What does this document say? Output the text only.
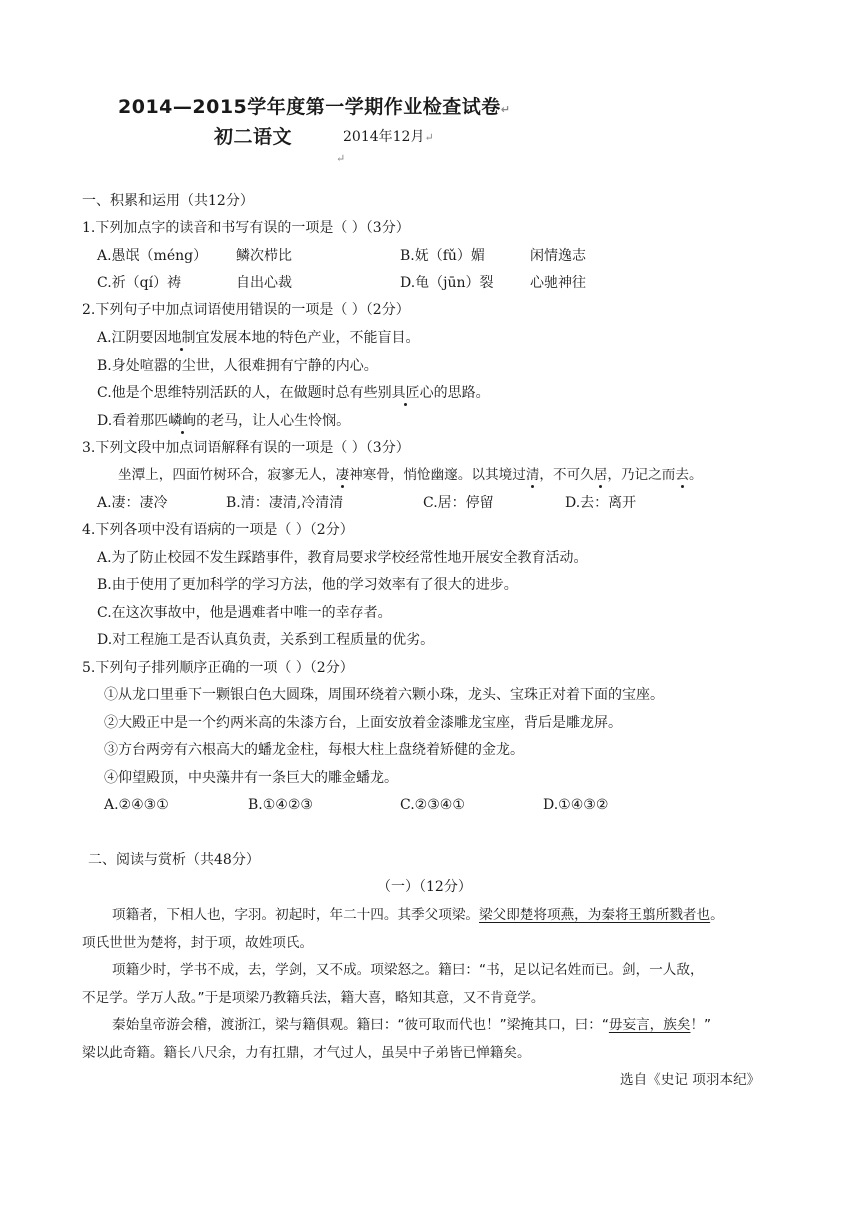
2014—2015学年度第一学期作业检查试卷↵
初二语文	2014年12月↵
↵
一、积累和运用（共12分）
1.下列加点字的读音和书写有误的一项是（ ）（3分）
A.愚氓（méng） 鳞次栉比	B.妩（fǔ）媚	闲情逸志
C.祈（qí）祷	自出心裁	D.龟（jūn）裂	心驰神往
2.下列句子中加点词语使用错误的一项是（ ）（2分）
A.江阴要因地制宜发展本地的特色产业，不能盲目。
B.身处喧嚣的尘世，人很难拥有宁静的内心。
C.他是个思维特别活跃的人，在做题时总有些别具匠心的思路。
D.看着那匹嶙峋的老马，让人心生怜悯。
3.下列文段中加点词语解释有误的一项是（ ）（3分）
坐潭上，四面竹树环合，寂寥无人，凄神寒骨，悄怆幽邃。以其境过清，不可久居，乃记之而去。
A.凄：凄冷	B.清：凄清,冷清清	C.居：停留	D.去：离开
4.下列各项中没有语病的一项是（ ）（2分）
A.为了防止校园不发生踩踏事件，教育局要求学校经常性地开展安全教育活动。
B.由于使用了更加科学的学习方法，他的学习效率有了很大的进步。
C.在这次事故中，他是遇难者中唯一的幸存者。
D.对工程施工是否认真负责，关系到工程质量的优劣。
5.下列句子排列顺序正确的一项（ ）（2分）
①从龙口里垂下一颗银白色大圆珠，周围环绕着六颗小珠，龙头、宝珠正对着下面的宝座。
②大殿正中是一个约两米高的朱漆方台，上面安放着金漆雕龙宝座，背后是雕龙屏。
③方台两旁有六根高大的蟠龙金柱，每根大柱上盘绕着矫健的金龙。
④仰望殿顶，中央藻井有一条巨大的雕金蟠龙。
A.②④③①	B.①④②③	C.②③④①	D.①④③②
二、阅读与赏析（共48分）
（一）（12分）
项籍者，下相人也，字羽。初起时，年二十四。其季父项梁。梁父即楚将项燕，为秦将王翦所戮者也。
项氏世世为楚将，封于项，故姓项氏。
项籍少时，学书不成，去，学剑，又不成。项梁怒之。籍曰：“书，足以记名姓而已。剑，一人敌，
不足学。学万人敌。”于是项梁乃教籍兵法，籍大喜，略知其意，又不肯竟学。
秦始皇帝游会稽，渡浙江，梁与籍俱观。籍曰：“彼可取而代也！”梁掩其口，曰：“毋妄言，族矣！”
梁以此奇籍。籍长八尺余，力有扛鼎，才气过人，虽吴中子弟皆已惮籍矣。
选自《史记 项羽本纪》
